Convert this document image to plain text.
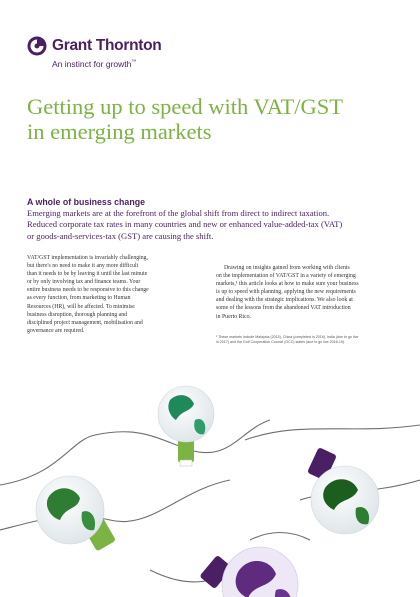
Grant Thornton
An instinct for growth™
Getting up to speed with VAT/GST
in emerging markets
A whole of business change

Emerging markets are at the forefront of the global shift from direct to indirect taxation.
Reduced corporate tax rates in many countries and new or enhanced value-added-tax (VAT)
or goods-and-services-tax (GST) are causing the shift.

VAT/GST implementation is invariably challenging,
but there's no need to make it any more difficult
than it needs to be by leaving it until the last minute
or by only involving tax and finance teams. Your
entire business needs to be responsive to this change
as every function, from marketing to Human
Resources (HR), will be affected. To minimise
business disruption, thorough planning and
disciplined project management, mobilisation and
governance are required.

Drawing on insights gained from working with clients
on the implementation of VAT/GST in a variety of emerging
markets,¹ this article looks at how to make sure your business
is up to speed with planning, applying the new requirements
and dealing with the strategic implications. We also look at
some of the lessons from the abandoned VAT introduction
in Puerto Rico.

¹ These markets include Malaysia (2015), China (completed in 2016), India (due to go live
in 2017) and the Gulf Cooperation Council (GCC) states (due to go live 2018-19).
